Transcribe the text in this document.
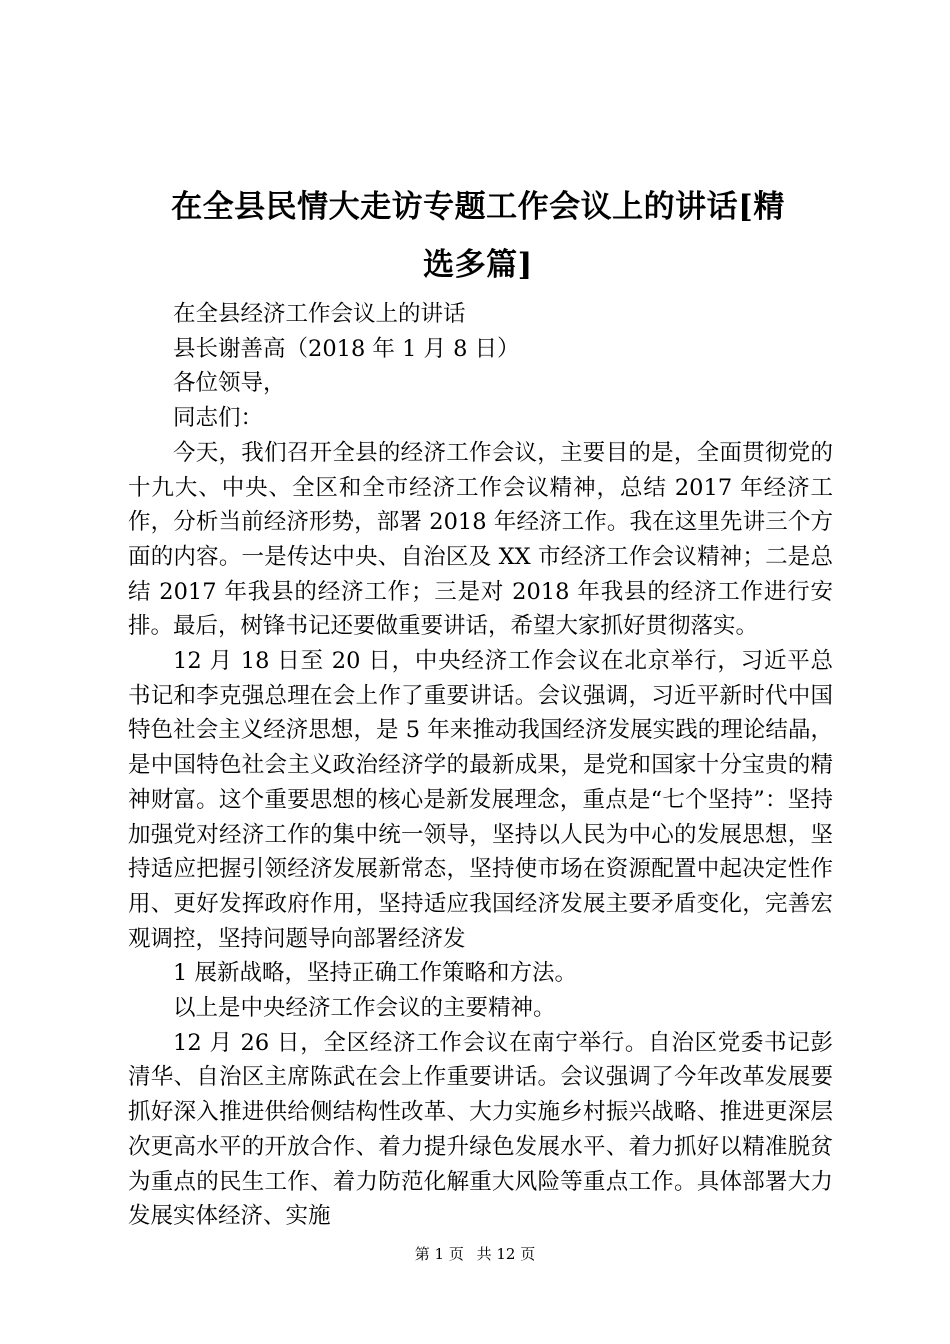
在全县民情大走访专题工作会议上的讲话[精
选多篇]

在全县经济工作会议上的讲话

县长谢善高（2018 年 1 月 8 日）

各位领导，

同志们：

今天，我们召开全县的经济工作会议，主要目的是，全面贯彻党的十九大、中央、全区和全市经济工作会议精神，总结 2017 年经济工作，分析当前经济形势，部署 2018 年经济工作。我在这里先讲三个方面的内容。一是传达中央、自治区及 XX 市经济工作会议精神；二是总结 2017 年我县的经济工作；三是对 2018 年我县的经济工作进行安排。最后，树锋书记还要做重要讲话，希望大家抓好贯彻落实。

12 月 18 日至 20 日，中央经济工作会议在北京举行，习近平总书记和李克强总理在会上作了重要讲话。会议强调，习近平新时代中国特色社会主义经济思想，是 5 年来推动我国经济发展实践的理论结晶，是中国特色社会主义政治经济学的最新成果，是党和国家十分宝贵的精神财富。这个重要思想的核心是新发展理念，重点是“七个坚持”：坚持加强党对经济工作的集中统一领导，坚持以人民为中心的发展思想，坚持适应把握引领经济发展新常态，坚持使市场在资源配置中起决定性作用、更好发挥政府作用，坚持适应我国经济发展主要矛盾变化，完善宏观调控，坚持问题导向部署经济发

1 展新战略，坚持正确工作策略和方法。

以上是中央经济工作会议的主要精神。

12 月 26 日，全区经济工作会议在南宁举行。自治区党委书记彭清华、自治区主席陈武在会上作重要讲话。会议强调了今年改革发展要抓好深入推进供给侧结构性改革、大力实施乡村振兴战略、推进更深层次更高水平的开放合作、着力提升绿色发展水平、着力抓好以精准脱贫为重点的民生工作、着力防范化解重大风险等重点工作。具体部署大力发展实体经济、实施

第 1 页 共 12 页
